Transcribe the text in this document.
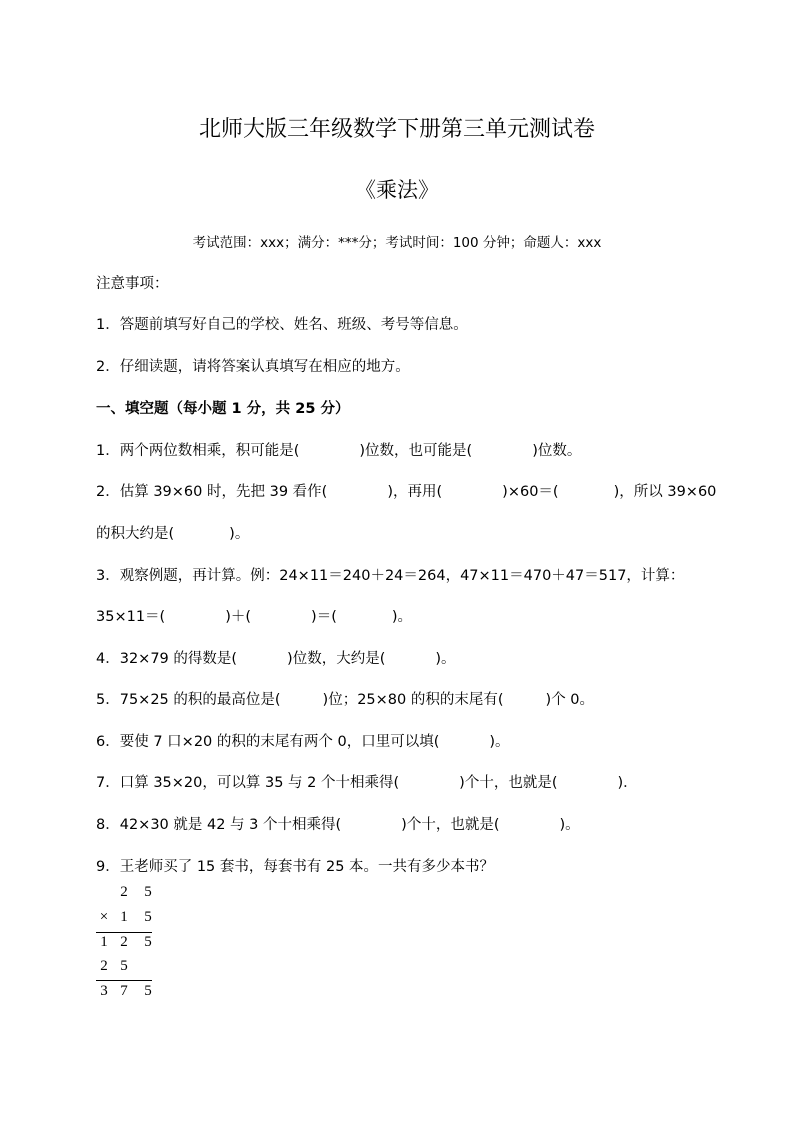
北师大版三年级数学下册第三单元测试卷
《乘法》
考试范围：xxx；满分：***分；考试时间：100 分钟；命题人：xxx
注意事项：
1．答题前填写好自己的学校、姓名、班级、考号等信息。
2．仔细读题，请将答案认真填写在相应的地方。
一、填空题（每小题 1 分，共 25 分）
1．两个两位数相乘，积可能是(	)位数，也可能是(	)位数。
2．估算 39×60 时，先把 39 看作(	)，再用(	)×60＝(	)，所以 39×60
的积大约是(	)。
3．观察例题，再计算。例：24×11＝240＋24＝264，47×11＝470＋47＝517，计算：
35×11＝(	)＋(	)＝(	)。
4．32×79 的得数是(	)位数，大约是(	)。
5．75×25 的积的最高位是(	)位；25×80 的积的末尾有(	)个 0。
6．要使 7 口×20 的积的末尾有两个 0，口里可以填(	)。
7．口算 35×20，可以算 35 与 2 个十相乘得(	)个十，也就是(	)．
8．42×30 就是 42 与 3 个十相乘得(	)个十，也就是(	)。
9．王老师买了 15 套书，每套书有 25 本。一共有多少本书？
2 5
× 1 5
1 2 5
2 5
3 7 5
